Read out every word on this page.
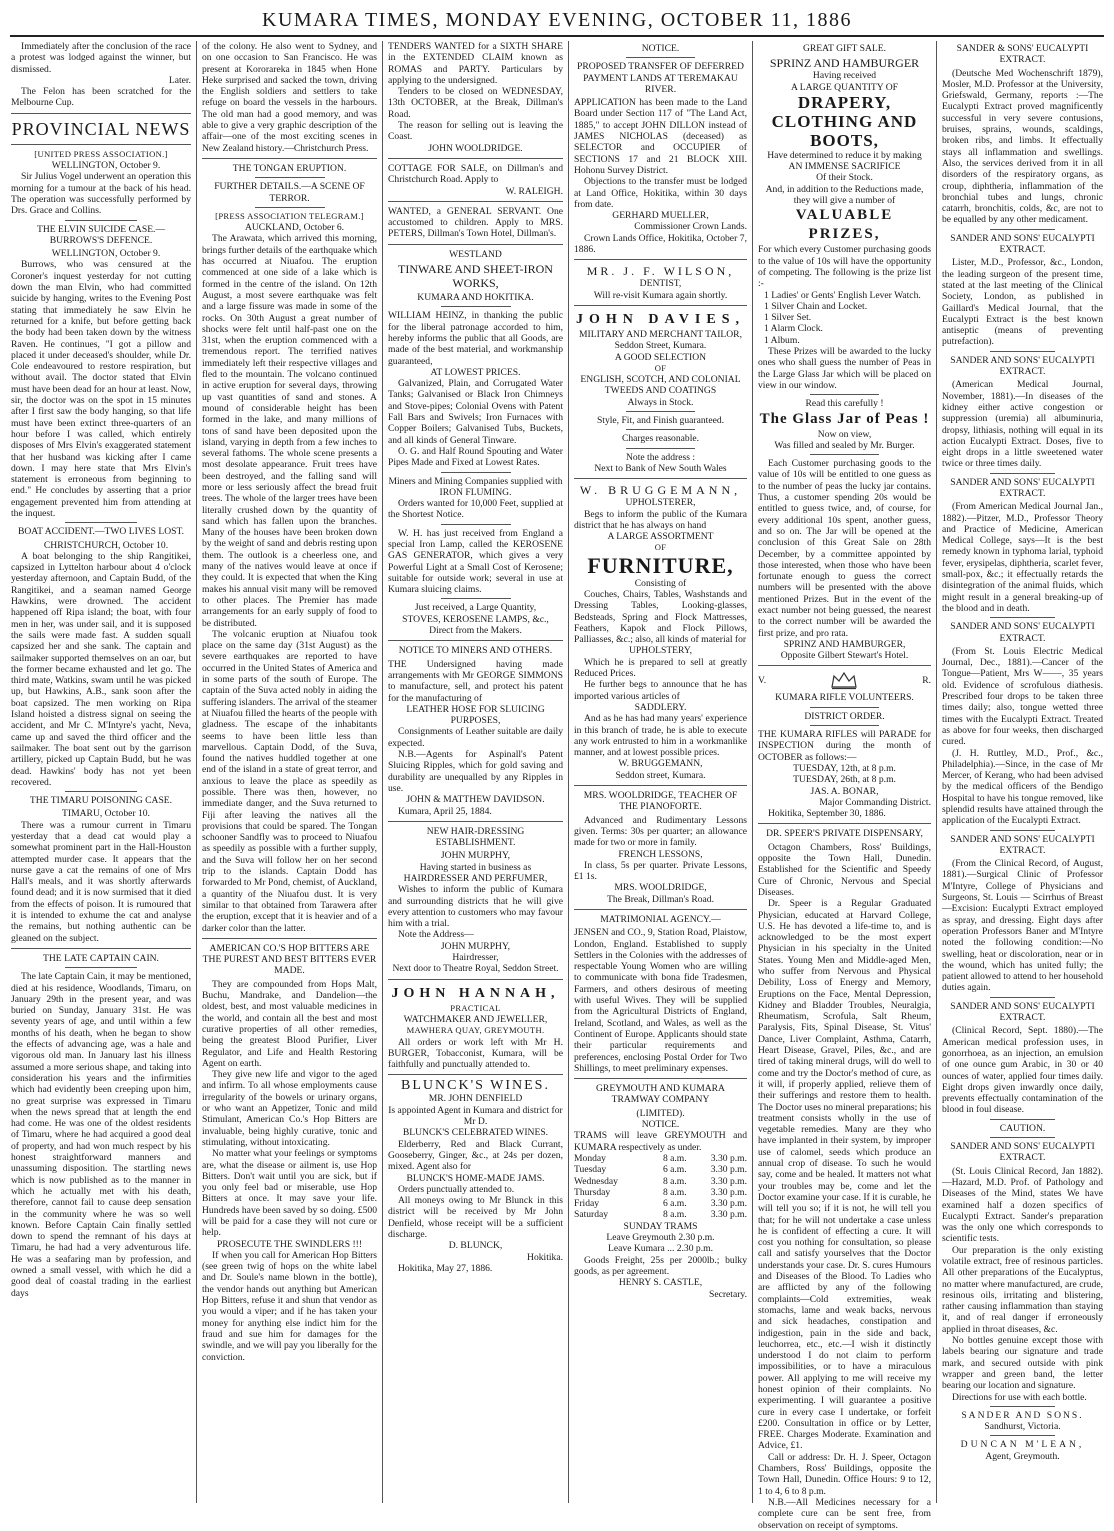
KUMARA TIMES, MONDAY EVENING, OCTOBER 11, 1886

Immediately after the conclusion of the race a protest was lodged against the winner, but dismissed.

Later.

The Felon has been scratched for the Melbourne Cup.

PROVINCIAL NEWS

[UNITED PRESS ASSOCIATION.]

WELLINGTON, October 9.

Sir Julius Vogel underwent an operation this morning for a tumour at the back of his head. The operation was successfully performed by Drs. Grace and Collins.

THE ELVIN SUICIDE CASE.—BURROWS'S DEFENCE.

WELLINGTON, October 9.

Burrows, who was censured at the Coroner's inquest yesterday for not cutting down the man Elvin, who had committed suicide by hanging, writes to the Evening Post stating that immediately he saw Elvin he returned for a knife, but before getting back the body had been taken down by the witness Raven. He continues, "I got a pillow and placed it under deceased's shoulder, while Dr. Cole endeavoured to restore respiration, but without avail. The doctor stated that Elvin must have been dead for an hour at least. Now, sir, the doctor was on the spot in 15 minutes after I first saw the body hanging, so that life must have been extinct three-quarters of an hour before I was called, which entirely disposes of Mrs Elvin's exaggerated statement that her husband was kicking after I came down. I may here state that Mrs Elvin's statement is erroneous from beginning to end." He concludes by asserting that a prior engagement prevented him from attending at the inquest.

BOAT ACCIDENT.—TWO LIVES LOST.

CHRISTCHURCH, October 10.

A boat belonging to the ship Rangitikei, capsized in Lyttelton harbour about 4 o'clock yesterday afternoon, and Captain Budd, of the Rangitikei, and a seaman named George Hawkins, were drowned. The accident happened off Ripa island; the boat, with four men in her, was under sail, and it is supposed the sails were made fast. A sudden squall capsized her and she sank. The captain and sailmaker supported themselves on an oar, but the former became exhausted and let go. The third mate, Watkins, swam until he was picked up, but Hawkins, A.B., sank soon after the boat capsized. The men working on Ripa Island hoisted a distress signal on seeing the accident, and Mr C. M'Intyre's yacht, Neva, came up and saved the third officer and the sailmaker. The boat sent out by the garrison artillery, picked up Captain Budd, but he was dead. Hawkins' body has not yet been recovered.

THE TIMARU POISONING CASE.

TIMARU, October 10.

There was a rumour current in Timaru yesterday that a dead cat would play a somewhat prominent part in the Hall-Houston attempted murder case. It appears that the nurse gave a cat the remains of one of Mrs Hall's meals, and it was shortly afterwards found dead; and it is now surmised that it died from the effects of poison. It is rumoured that it is intended to exhume the cat and analyse the remains, but nothing authentic can be gleaned on the subject.

THE LATE CAPTAIN CAIN.

The late Captain Cain, it may be mentioned, died at his residence, Woodlands, Timaru, on January 29th in the present year, and was buried on Sunday, January 31st. He was seventy years of age, and until within a few months of his death, when he began to show the effects of advancing age, was a hale and vigorous old man. In January last his illness assumed a more serious shape, and taking into consideration his years and the infirmities which had evidently been creeping upon him, no great surprise was expressed in Timaru when the news spread that at length the end had come. He was one of the oldest residents of Timaru, where he had acquired a good deal of property, and had won much respect by his honest straightforward manners and unassuming disposition. The startling news which is now published as to the manner in which he actually met with his death, therefore, cannot fail to cause deep sensation in the community where he was so well known. Before Captain Cain finally settled down to spend the remnant of his days at Timaru, he had had a very adventurous life. He was a seafaring man by profession, and owned a small vessel, with which he did a good deal of coastal trading in the earliest days

of the colony. He also went to Sydney, and on one occasion to San Francisco. He was present at Kororareka in 1845 when Hone Heke surprised and sacked the town, driving the English soldiers and settlers to take refuge on board the vessels in the harbours. The old man had a good memory, and was able to give a very graphic description of the affair—one of the most exciting scenes in New Zealand history.—Christchurch Press.

THE TONGAN ERUPTION.
FURTHER DETAILS.—A SCENE OF TERROR.

[PRESS ASSOCIATION TELEGRAM.]

AUCKLAND, October 6.

The Arawata, which arrived this morning, brings further details of the earthquake which has occurred at Niuafou. The eruption commenced at one side of a lake which is formed in the centre of the island. On 12th August, a most severe earthquake was felt and a large fissure was made in some of the rocks. On 30th August a great number of shocks were felt until half-past one on the 31st, when the eruption commenced with a tremendous report. The terrified natives immediately left their respective villages and fled to the mountain. The volcano continued in active eruption for several days, throwing up vast quantities of sand and stones. A mound of considerable height has been formed in the lake, and many millions of tons of sand have been deposited upon the island, varying in depth from a few inches to several fathoms. The whole scene presents a most desolate appearance. Fruit trees have been destroyed, and the falling sand will more or less seriously affect the bread fruit trees. The whole of the larger trees have been literally crushed down by the quantity of sand which has fallen upon the branches. Many of the houses have been broken down by the weight of sand and debris resting upon them. The outlook is a cheerless one, and many of the natives would leave at once if they could. It is expected that when the King makes his annual visit many will be removed to other places. The Premier has made arrangements for an early supply of food to be distributed.

The volcanic eruption at Niuafou took place on the same day (31st August) as the severe earthquakes are reported to have occurred in the United States of America and in some parts of the south of Europe. The captain of the Suva acted nobly in aiding the suffering islanders. The arrival of the steamer at Niuafou filled the hearts of the people with gladness. The escape of the inhabitants seems to have been little less than marvellous. Captain Dodd, of the Suva, found the natives huddled together at one end of the island in a state of great terror, and anxious to leave the place as speedily as possible. There was then, however, no immediate danger, and the Suva returned to Fiji after leaving the natives all the provisions that could be spared. The Tongan schooner Sandfly was to proceed to Niuafou as speedily as possible with a further supply, and the Suva will follow her on her second trip to the islands. Captain Dodd has forwarded to Mr Pond, chemist, of Auckland, a quantity of the Niuafou dust. It is very similar to that obtained from Tarawera after the eruption, except that it is heavier and of a darker color than the latter.

AMERICAN CO.'S HOP BITTERS ARE THE PUREST AND BEST BITTERS EVER MADE.

They are compounded from Hops Malt, Buchu, Mandrake, and Dandelion—the oldest, best, and most valuable medicines in the world, and contain all the best and most curative properties of all other remedies, being the greatest Blood Purifier, Liver Regulator, and Life and Health Restoring Agent on earth.

They give new life and vigor to the aged and infirm. To all whose employments cause irregularity of the bowels or urinary organs, or who want an Appetizer, Tonic and mild Stimulant, American Co.'s Hop Bitters are invaluable, being highly curative, tonic and stimulating, without intoxicating.

No matter what your feelings or symptoms are, what the disease or ailment is, use Hop Bitters. Don't wait until you are sick, but if you only feel bad or miserable, use Hop Bitters at once. It may save your life. Hundreds have been saved by so doing. £500 will be paid for a case they will not cure or help.

PROSECUTE THE SWINDLERS !!!

If when you call for American Hop Bitters (see green twig of hops on the white label and Dr. Soule's name blown in the bottle), the vendor hands out anything but American Hop Bitters, refuse it and shun that vendor as you would a viper; and if he has taken your money for anything else indict him for the fraud and sue him for damages for the swindle, and we will pay you liberally for the conviction.

TENDERS WANTED for a SIXTH SHARE in the EXTENDED CLAIM known as ROMAS and PARTY. Particulars by applying to the undersigned.

Tenders to be closed on WEDNESDAY, 13th OCTOBER, at the Break, Dillman's Road.

The reason for selling out is leaving the Coast.

JOHN WOOLDRIDGE.

COTTAGE FOR SALE, on Dillman's and Christchurch Road. Apply to

W. RALEIGH.

WANTED, a GENERAL SERVANT. One accustomed to children. Apply to MRS. PETERS, Dillman's Town Hotel, Dillman's.

WESTLAND
TINWARE AND SHEET-IRON WORKS,
KUMARA AND HOKITIKA.

WILLIAM HEINZ, in thanking the public for the liberal patronage accorded to him, hereby informs the public that all Goods, are made of the best material, and workmanship guaranteed,

AT LOWEST PRICES.

Galvanized, Plain, and Corrugated Water Tanks; Galvanised or Black Iron Chimneys and Stove-pipes; Colonial Ovens with Patent Fall Bars and Swivels; Iron Furnaces with Copper Boilers; Galvanised Tubs, Buckets, and all kinds of General Tinware.

O. G. and Half Round Spouting and Water Pipes Made and Fixed at Lowest Rates.

Miners and Mining Companies supplied with

IRON FLUMING.

Orders wanted for 10,000 Feet, supplied at the Shortest Notice.

W. H. has just received from England a special Iron Lamp, called the KEROSENE GAS GENERATOR, which gives a very Powerful Light at a Small Cost of Kerosene; suitable for outside work; several in use at Kumara sluicing claims.

Just received, a Large Quantity,

STOVES, KEROSENE LAMPS, &c.,

Direct from the Makers.

NOTICE TO MINERS AND OTHERS.

THE Undersigned having made arrangements with Mr GEORGE SIMMONS to manufacture, sell, and protect his patent for the manufacturing of

LEATHER HOSE FOR SLUICING PURPOSES,

Consignments of Leather suitable are daily expected.

N.B.—Agents for Aspinall's Patent Sluicing Ripples, which for gold saving and durability are unequalled by any Ripples in use.

JOHN & MATTHEW DAVIDSON.

Kumara, April 25, 1884.

NEW HAIR-DRESSING ESTABLISHMENT.

JOHN MURPHY,

Having started in business as

HAIRDRESSER AND PERFUMER,

Wishes to inform the public of Kumara and surrounding districts that he will give every attention to customers who may favour him with a trial.

Note the Address—

JOHN MURPHY,

Hairdresser,

Next door to Theatre Royal, Seddon Street.

JOHN HANNAH,

PRACTICAL

WATCHMAKER AND JEWELLER,

MAWHERA QUAY, GREYMOUTH.

All orders or work left with Mr H. BURGER, Tobacconist, Kumara, will be faithfully and punctually attended to.

BLUNCK'S WINES.

MR. JOHN DENFIELD

Is appointed Agent in Kumara and district for Mr D.

BLUNCK'S CELEBRATED WINES.

Elderberry, Red and Black Currant, Gooseberry, Ginger, &c., at 24s per dozen, mixed. Agent also for

BLUNCK'S HOME-MADE JAMS.

Orders punctually attended to.

All moneys owing to Mr Blunck in this district will be received by Mr John Denfield, whose receipt will be a sufficient discharge.

D. BLUNCK,

Hokitika.

Hokitika, May 27, 1886.

NOTICE.
PROPOSED TRANSFER OF DEFERRED PAYMENT LANDS AT TEREMAKAU RIVER.

APPLICATION has been made to the Land Board under Section 117 of "The Land Act, 1885," to accept JOHN DILLON instead of JAMES NICHOLAS (deceased) as SELECTOR and OCCUPIER of SECTIONS 17 and 21 BLOCK XIII. Hohonu Survey District.

Objections to the transfer must be lodged at Land Office, Hokitika, within 30 days from date.

GERHARD MUELLER,

Commissioner Crown Lands.

Crown Lands Office, Hokitika, October 7, 1886.

MR. J. F. WILSON,

DENTIST,

Will re-visit Kumara again shortly.

JOHN DAVIES,

MILITARY AND MERCHANT TAILOR,

Seddon Street, Kumara.

A GOOD SELECTION

OF

ENGLISH, SCOTCH, AND COLONIAL TWEEDS AND COATINGS

Always in Stock.

Style, Fit, and Finish guaranteed.

Charges reasonable.

Note the address :

Next to Bank of New South Wales

W. BRUGGEMANN,

UPHOLSTERER,

Begs to inform the public of the Kumara district that he has always on hand

A LARGE ASSORTMENT

OF

FURNITURE,

Consisting of

Couches, Chairs, Tables, Washstands and Dressing Tables, Looking-glasses, Bedsteads, Spring and Flock Mattresses, Feathers, Kapok and Flock Pillows, Palliasses, &c.; also, all kinds of material for

UPHOLSTERY,

Which he is prepared to sell at greatly Reduced Prices.

He further begs to announce that he has imported various articles of

SADDLERY.

And as he has had many years' experience in this branch of trade, he is able to execute any work entrusted to him in a workmanlike manner, and at lowest possible prices.

W. BRUGGEMANN,

Seddon street, Kumara.

MRS. WOOLDRIDGE, TEACHER OF THE PIANOFORTE.

Advanced and Rudimentary Lessons given. Terms: 30s per quarter; an allowance made for two or more in family.

FRENCH LESSONS,

In class, 5s per quarter. Private Lessons, £1 1s.

MRS. WOOLDRIDGE,

The Break, Dillman's Road.

MATRIMONIAL AGENCY.—

JENSEN and CO., 9, Station Road, Plaistow, London, England. Established to supply Settlers in the Colonies with the addresses of respectable Young Women who are willing to communicate with bona fide Tradesmen, Farmers, and others desirous of meeting with useful Wives. They will be supplied from the Agricultural Districts of England, Ireland, Scotland, and Wales, as well as the Continent of Europe. Applicants should state their particular requirements and preferences, enclosing Postal Order for Two Shillings, to meet preliminary expenses.

GREYMOUTH AND KUMARA TRAMWAY COMPANY

(LIMITED).

NOTICE.

TRAMS will leave GREYMOUTH and KUMARA respectively as under.

Monday	8 a.m.	3.30 p.m.
Tuesday	6 a.m.	3.30 p.m.
Wednesday	8 a.m.	3.30 p.m.
Thursday	8 a.m.	3.30 p.m.
Friday	6 a.m.	3.30 p.m.
Saturday	8 a.m.	3.30 p.m.

SUNDAY TRAMS

Leave Greymouth 2.30 p.m.

Leave Kumara ... 2.30 p.m.

Goods Freight, 25s per 2000lb.; bulky goods, as per agreement.

HENRY S. CASTLE,

Secretary.

GREAT GIFT SALE.
SPRINZ AND HAMBURGER

Having received

A LARGE QUANTITY OF

DRAPERY, CLOTHING AND BOOTS,

Have determined to reduce it by making

AN IMMENSE SACRIFICE

Of their Stock.

And, in addition to the Reductions made, they will give a number of

VALUABLE PRIZES,

For which every Customer purchasing goods to the value of 10s will have the opportunity of competing. The following is the prize list :-

1 Ladies' or Gents' English Lever Watch.

1 Silver Chain and Locket.

1 Silver Set.

1 Alarm Clock.

1 Album.

These Prizes will be awarded to the lucky ones who shall guess the number of Peas in the Large Glass Jar which will be placed on view in our window.

Read this carefully !

The Glass Jar of Peas !

Now on view,

Was filled and sealed by Mr. Burger.

Each Customer purchasing goods to the value of 10s will be entitled to one guess as to the number of peas the lucky jar contains. Thus, a customer spending 20s would be entitled to guess twice, and, of course, for every additional 10s spent, another guess, and so on. The Jar will be opened at the conclusion of this Great Sale on 28th December, by a committee appointed by those interested, when those who have been fortunate enough to guess the correct numbers will be presented with the above mentioned Prizes. But in the event of the exact number not being guessed, the nearest to the correct number will be awarded the first prize, and pro rata.

SPRINZ AND HAMBURGER,

Opposite Gilbert Stewart's Hotel.

V.	R.
KUMARA RIFLE VOLUNTEERS.
DISTRICT ORDER.

THE KUMARA RIFLES will PARADE for INSPECTION during the month of OCTOBER as follows:—

TUESDAY, 12th, at 8 p.m.

TUESDAY, 26th, at 8 p.m.

JAS. A. BONAR,

Major Commanding District.

Hokitika, September 30, 1886.

DR. SPEER'S PRIVATE DISPENSARY,

Octagon Chambers, Ross' Buildings, opposite the Town Hall, Dunedin. Established for the Scientific and Speedy Cure of Chronic, Nervous and Special Diseases.

Dr. Speer is a Regular Graduated Physician, educated at Harvard College, U.S. He has devoted a life-time to, and is acknowledged to be the most expert Physician in his specialty in the United States. Young Men and Middle-aged Men, who suffer from Nervous and Physical Debility, Loss of Energy and Memory, Eruptions on the Face, Mental Depression, Kidney and Bladder Troubles, Neuralgia, Rheumatism, Scrofula, Salt Rheum, Paralysis, Fits, Spinal Disease, St. Vitus' Dance, Liver Complaint, Asthma, Catarrh, Heart Disease, Gravel, Piles, &c., and are tired of taking mineral drugs, will do well to come and try the Doctor's method of cure, as it will, if properly applied, relieve them of their sufferings and restore them to health. The Doctor uses no mineral preparations; his treatment consists wholly in the use of vegetable remedies. Many are they who have implanted in their system, by improper use of calomel, seeds which produce an annual crop of disease. To such he would say, come and be healed. It matters not what your troubles may be, come and let the Doctor examine your case. If it is curable, he will tell you so; if it is not, he will tell you that; for he will not undertake a case unless he is confident of effecting a cure. It will cost you nothing for consultation, so please call and satisfy yourselves that the Doctor understands your case. Dr. S. cures Humours and Diseases of the Blood. To Ladies who are afflicted by any of the following complaints—Cold extremities, weak stomachs, lame and weak backs, nervous and sick headaches, constipation and indigestion, pain in the side and back, leuchorrea, etc., etc.—I wish it distinctly understood I do not claim to perform impossibilities, or to have a miraculous power. All applying to me will receive my honest opinion of their complaints. No experimenting. I will guarantee a positive cure in every case I undertake, or forfeit £200. Consultation in office or by Letter, FREE. Charges Moderate. Examination and Advice, £1.

Call or address: Dr. H. J. Speer, Octagon Chambers, Ross' Buildings, opposite the Town Hall, Dunedin. Office Hours: 9 to 12, 1 to 4, 6 to 8 p.m.

N.B.—All Medicines necessary for a complete cure can be sent free, from observation on receipt of symptoms.

SANDER & SONS' EUCALYPTI EXTRACT.

(Deutsche Med Wochenschrift 1879), Mosler, M.D. Professor at the University, Griefswald, Germany, reports :—The Eucalypti Extract proved magnificently successful in very severe contusions, bruises, sprains, wounds, scaldings, broken ribs, and limbs. It effectually stays all inflammation and swellings. Also, the services derived from it in all disorders of the respiratory organs, as croup, diphtheria, inflammation of the bronchial tubes and lungs, chronic catarrh, bronchitis, colds, &c, are not to be equalled by any other medicament.

SANDER AND SONS' EUCALYPTI EXTRACT.

Lister, M.D., Professor, &c., London, the leading surgeon of the present time, stated at the last meeting of the Clinical Society, London, as published in Gaillard's Medical Journal, that the Eucalypti Extract is the best known antiseptic (means of preventing putrefaction).

SANDER AND SONS' EUCALYPTI EXTRACT.

(American Medical Journal, November, 1881).—In diseases of the kidney either active congestion or suppression (uremia) all albuminuria, dropsy, lithiasis, nothing will equal in its action Eucalypti Extract. Doses, five to eight drops in a little sweetened water twice or three times daily.

SANDER AND SONS' EUCALYPTI EXTRACT.

(From American Medical Journal Jan., 1882).—Pitzer, M.D., Professor Theory and Practice of Medicine, American Medical College, says—It is the best remedy known in typhoma larial, typhoid fever, erysipelas, diphtheria, scarlet fever, small-pox, &c.; it effectually retards the disintegration of the animal fluids, which might result in a general breaking-up of the blood and in death.

SANDER AND SONS' EUCALYPTI EXTRACT.

(From St. Louis Electric Medical Journal, Dec., 1881).—Cancer of the Tongue—Patient, Mrs W——, 35 years old. Evidence of scrofulous diathesis. Prescribed four drops to be taken three times daily; also, tongue wetted three times with the Eucalypti Extract. Treated as above for four weeks, then discharged cured.

(J. H. Ruttley, M.D., Prof., &c., Philadelphia).—Since, in the case of Mr Mercer, of Kerang, who had been advised by the medical officers of the Bendigo Hospital to have his tongue removed, like splendid results have attained through the application of the Eucalypti Extract.

SANDER AND SONS' EUCALYPTI EXTRACT.

(From the Clinical Record, of August, 1881).—Surgical Clinic of Professor M'Intyre, College of Physicians and Surgeons, St. Louis — Scirrhus of Breast—Excision: Eucalypti Extract employed as spray, and dressing. Eight days after operation Professors Baner and M'Intyre noted the following condition:—No swelling, heat or discoloration, near or in the wound, which has united fully; the patient allowed to attend to her household duties again.

SANDER AND SONS' EUCALYPTI EXTRACT.

(Clinical Record, Sept. 1880).—The American medical profession uses, in gonorrhoea, as an injection, an emulsion of one ounce gum Arabic, in 30 or 40 ounces of water, applied four times daily. Eight drops given inwardly once daily, prevents effectually contamination of the blood in foul disease.

CAUTION.
SANDER AND SONS' EUCALYPTI EXTRACT.

(St. Louis Clinical Record, Jan 1882).—Hazard, M.D. Prof. of Pathology and Diseases of the Mind, states We have examined half a dozen specifics of Eucalypti Extract. Sander's preparation was the only one which corresponds to scientific tests.

Our preparation is the only existing volatile extract, free of resinous particles. All other preparations of the Eucalyptus, no matter where manufactured, are crude, resinous oils, irritating and blistering, rather causing inflammation than staying it, and of real danger if erroneously applied in throat diseases, &c.

No bottles genuine except those with labels bearing our signature and trade mark, and secured outside with pink wrapper and green band, the letter bearing our location and signature.

Directions for use with each bottle.

SANDER AND SONS.

Sandhurst, Victoria.

DUNCAN M'LEAN,

Agent, Greymouth.
